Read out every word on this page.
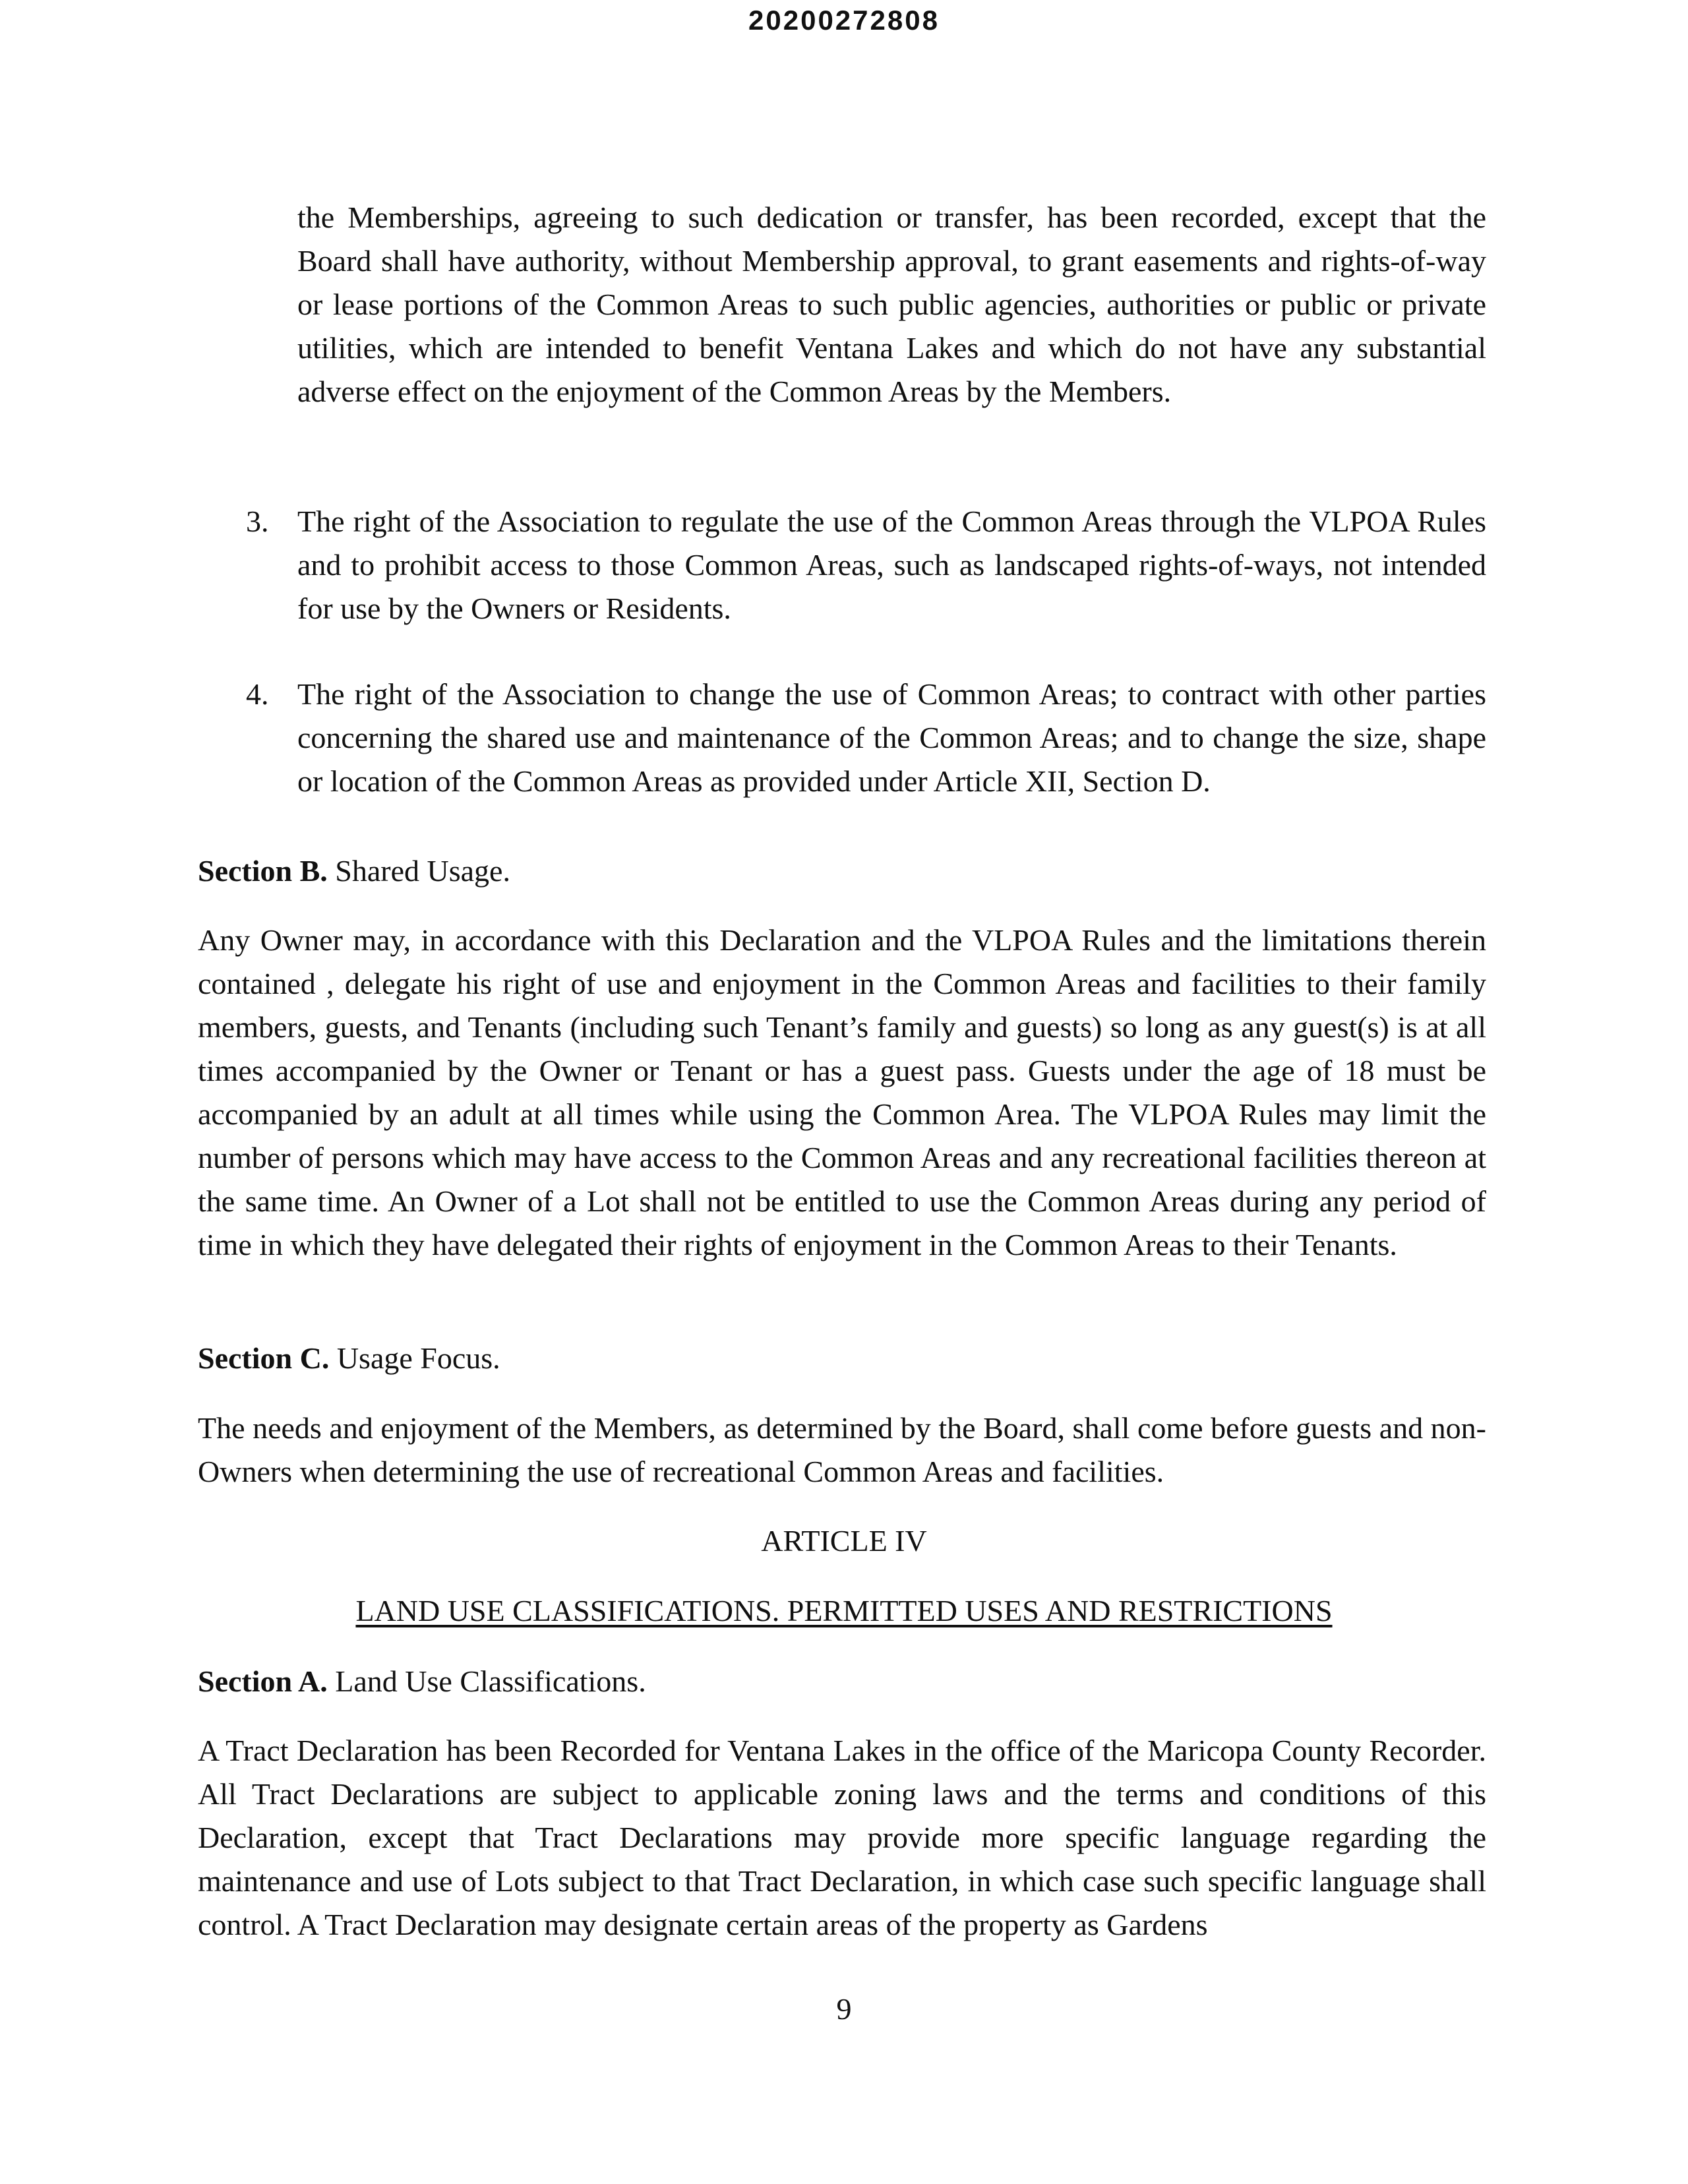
20200272808

the Memberships, agreeing to such dedication or transfer, has been recorded, except that the Board shall have authority, without Membership approval, to grant easements and rights-of-way or lease portions of the Common Areas to such public agencies, authorities or public or private utilities, which are intended to benefit Ventana Lakes and which do not have any substantial adverse effect on the enjoyment of the Common Areas by the Members.

3. The right of the Association to regulate the use of the Common Areas through the VLPOA Rules and to prohibit access to those Common Areas, such as landscaped rights-of-ways, not intended for use by the Owners or Residents.

4. The right of the Association to change the use of Common Areas; to contract with other parties concerning the shared use and maintenance of the Common Areas; and to change the size, shape or location of the Common Areas as provided under Article XII, Section D.

Section B. Shared Usage.

Any Owner may, in accordance with this Declaration and the VLPOA Rules and the limitations therein contained , delegate his right of use and enjoyment in the Common Areas and facilities to their family members, guests, and Tenants (including such Tenant’s family and guests) so long as any guest(s) is at all times accompanied by the Owner or Tenant or has a guest pass. Guests under the age of 18 must be accompanied by an adult at all times while using the Common Area. The VLPOA Rules may limit the number of persons which may have access to the Common Areas and any recreational facilities thereon at the same time. An Owner of a Lot shall not be entitled to use the Common Areas during any period of time in which they have delegated their rights of enjoyment in the Common Areas to their Tenants.

Section C. Usage Focus.

The needs and enjoyment of the Members, as determined by the Board, shall come before guests and non-Owners when determining the use of recreational Common Areas and facilities.

ARTICLE IV
LAND USE CLASSIFICATIONS. PERMITTED USES AND RESTRICTIONS
Section A. Land Use Classifications.

A Tract Declaration has been Recorded for Ventana Lakes in the office of the Maricopa County Recorder. All Tract Declarations are subject to applicable zoning laws and the terms and conditions of this Declaration, except that Tract Declarations may provide more specific language regarding the maintenance and use of Lots subject to that Tract Declaration, in which case such specific language shall control. A Tract Declaration may designate certain areas of the property as Gardens

9
